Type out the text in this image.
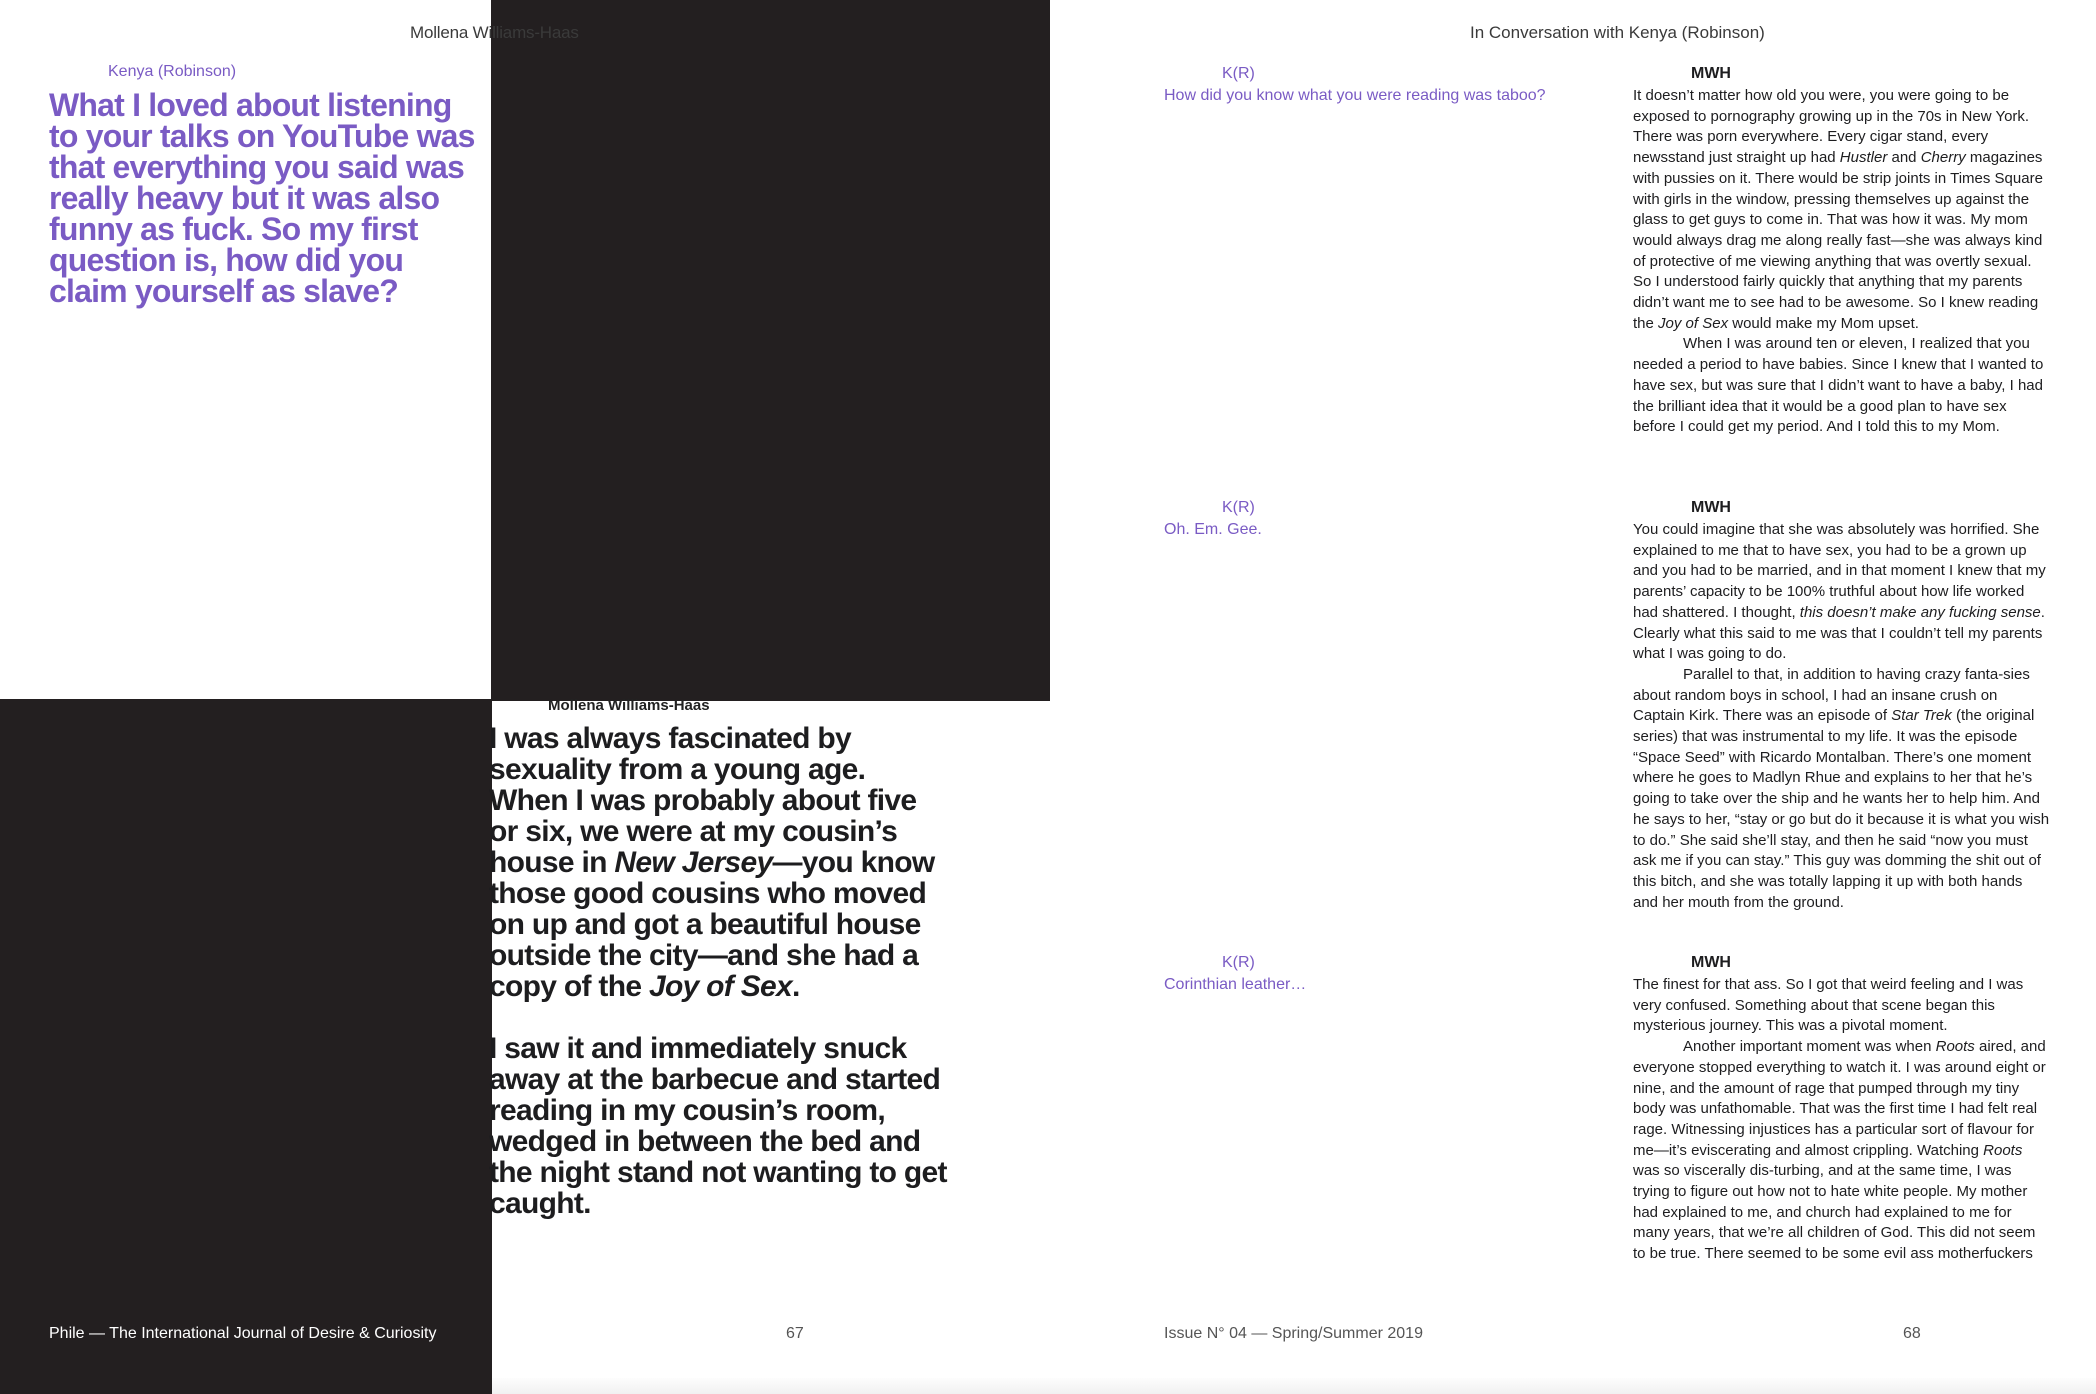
Mollena Williams-Haas
Kenya (Robinson)
What I loved about listening to your talks on YouTube was that everything you said was really heavy but it was also funny as fuck. So my first question is, how did you claim yourself as slave?
Mollena Williams-Haas

I was always fascinated by sexuality from a young age. When I was probably about five or six, we were at my cousin’s house in New Jersey—you know those good cousins who moved on up and got a beautiful house outside the city—and she had a copy of the Joy of Sex.

I saw it and immediately snuck away at the barbecue and started reading in my cousin’s room, wedged in between the bed and the night stand not wanting to get caught.

Phile — The International Journal of Desire & Curiosity	67
In Conversation with Kenya (Robinson)
K(R)
How did you know what you were reading was taboo?
MWH

It doesn’t matter how old you were, you were going to be exposed to pornography growing up in the 70s in New York. There was porn everywhere. Every cigar stand, every newsstand just straight up had Hustler and Cherry magazines with pussies on it. There would be strip joints in Times Square with girls in the window, pressing themselves up against the glass to get guys to come in. That was how it was. My mom would always drag me along really fast—she was always kind of protective of me viewing anything that was overtly sexual. So I understood fairly quickly that anything that my parents didn’t want me to see had to be awesome. So I knew reading the Joy of Sex would make my Mom upset.

When I was around ten or eleven, I realized that you needed a period to have babies. Since I knew that I wanted to have sex, but was sure that I didn’t want to have a baby, I had the brilliant idea that it would be a good plan to have sex before I could get my period. And I told this to my Mom.

K(R)
Oh. Em. Gee.
MWH

You could imagine that she was absolutely was horrified. She explained to me that to have sex, you had to be a grown up and you had to be married, and in that moment I knew that my parents’ capacity to be 100% truthful about how life worked had shattered. I thought, this doesn’t make any fucking sense. Clearly what this said to me was that I couldn’t tell my parents what I was going to do.

Parallel to that, in addition to having crazy fanta-sies about random boys in school, I had an insane crush on Captain Kirk. There was an episode of Star Trek (the original series) that was instrumental to my life. It was the episode “Space Seed” with Ricardo Montalban. There’s one moment where he goes to Madlyn Rhue and explains to her that he’s going to take over the ship and he wants her to help him. And he says to her, “stay or go but do it because it is what you wish to do.” She said she’ll stay, and then he said “now you must ask me if you can stay.” This guy was domming the shit out of this bitch, and she was totally lapping it up with both hands and her mouth from the ground.

K(R)
Corinthian leather…
MWH

The finest for that ass. So I got that weird feeling and I was very confused. Something about that scene began this mysterious journey. This was a pivotal moment.

Another important moment was when Roots aired, and everyone stopped everything to watch it. I was around eight or nine, and the amount of rage that pumped through my tiny body was unfathomable. That was the first time I had felt real rage. Witnessing injustices has a particular sort of flavour for me—it’s eviscerating and almost crippling. Watching Roots was so viscerally dis-turbing, and at the same time, I was trying to figure out how not to hate white people. My mother had explained to me, and church had explained to me for many years, that we’re all children of God. This did not seem to be true. There seemed to be some evil ass motherfuckers

Issue N° 04 — Spring/Summer 2019	68
